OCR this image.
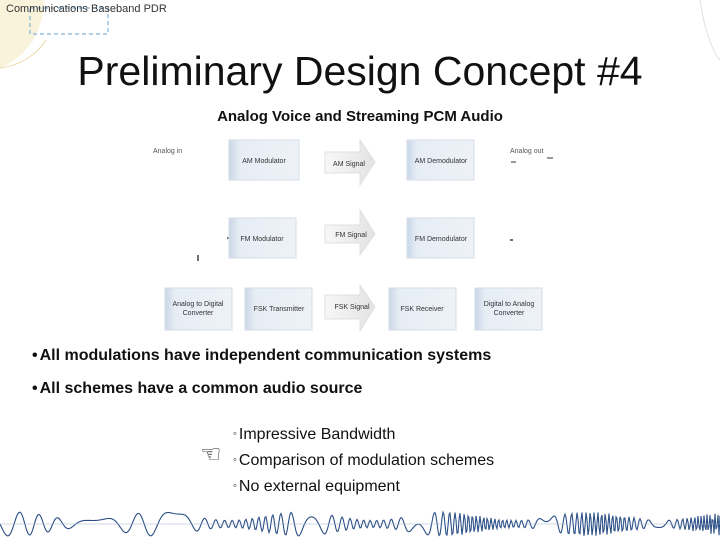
Communications Baseband PDR
Preliminary Design Concept #4
Analog Voice and Streaming PCM Audio
Analog in	Analog out
AM Modulator	AM Signal	AM Demodulator
FM Modulator
FM Signal
FM Demodulator
Analog to Digital
Converter
FSK Transmitter	FSK Signal	FSK Receiver
Digital to Analog
Converter
• All modulations have independent communication systems
• All schemes have a common audio source
☜
◦ Impressive Bandwidth
◦ Comparison of modulation schemes
◦ No external equipment
